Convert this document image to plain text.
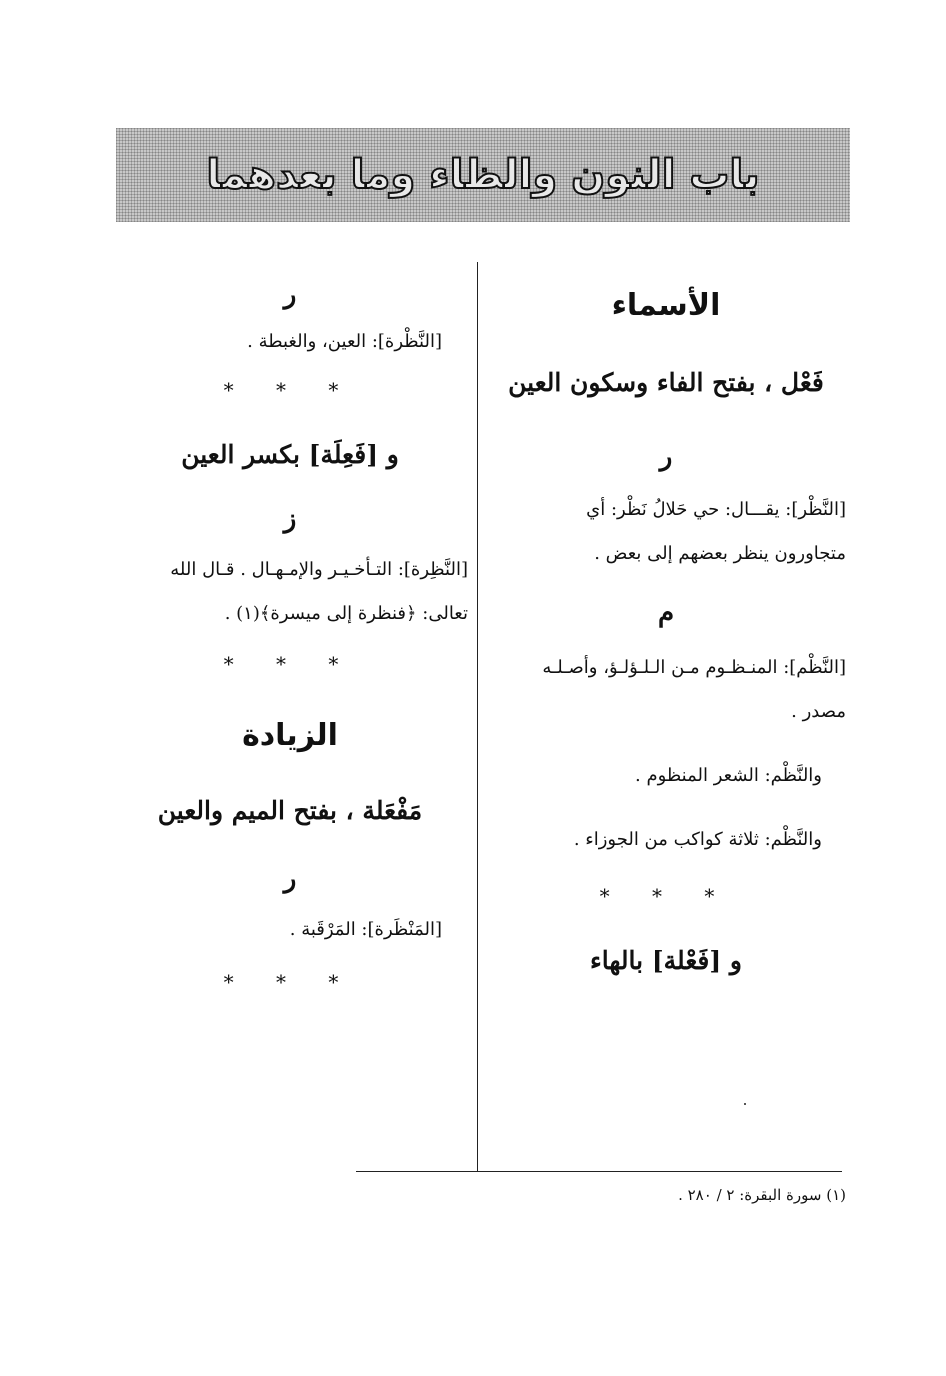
باب النون والظاء وما بعدهما
الأسماء
فَعْل ، بفتح الفاء وسكون العين
ر
[النَّظْر]: يقـــال: حي حَلالُ نَظْر: أي
متجاورون ينظر بعضهم إلى بعض .
م
[النَّظْم]: المنـظـوم مـن الـلـؤلـؤ، وأصـلـه
مصدر .
والنَّظْم: الشعر المنظوم .
والنَّظْم: ثلاثة كواكب من الجوزاء .
* * *
و [فَعْلة] بالهاء
ر
[النَّظْرة]: العين، والغبطة .
* * *
و [فَعِلَة] بكسر العين
ز
[النَّظِرة]: التـأخـيـر والإمـهـال . قـال الله
تعالى: ﴿فنظرة إلى ميسرة﴾(١) .
* * *
الزيادة
مَفْعَلة ، بفتح الميم والعين
ر
[المَنْظَرة]: المَرْقَبة .
* * *
(١) سورة البقرة: ٢ / ٢٨٠ .
